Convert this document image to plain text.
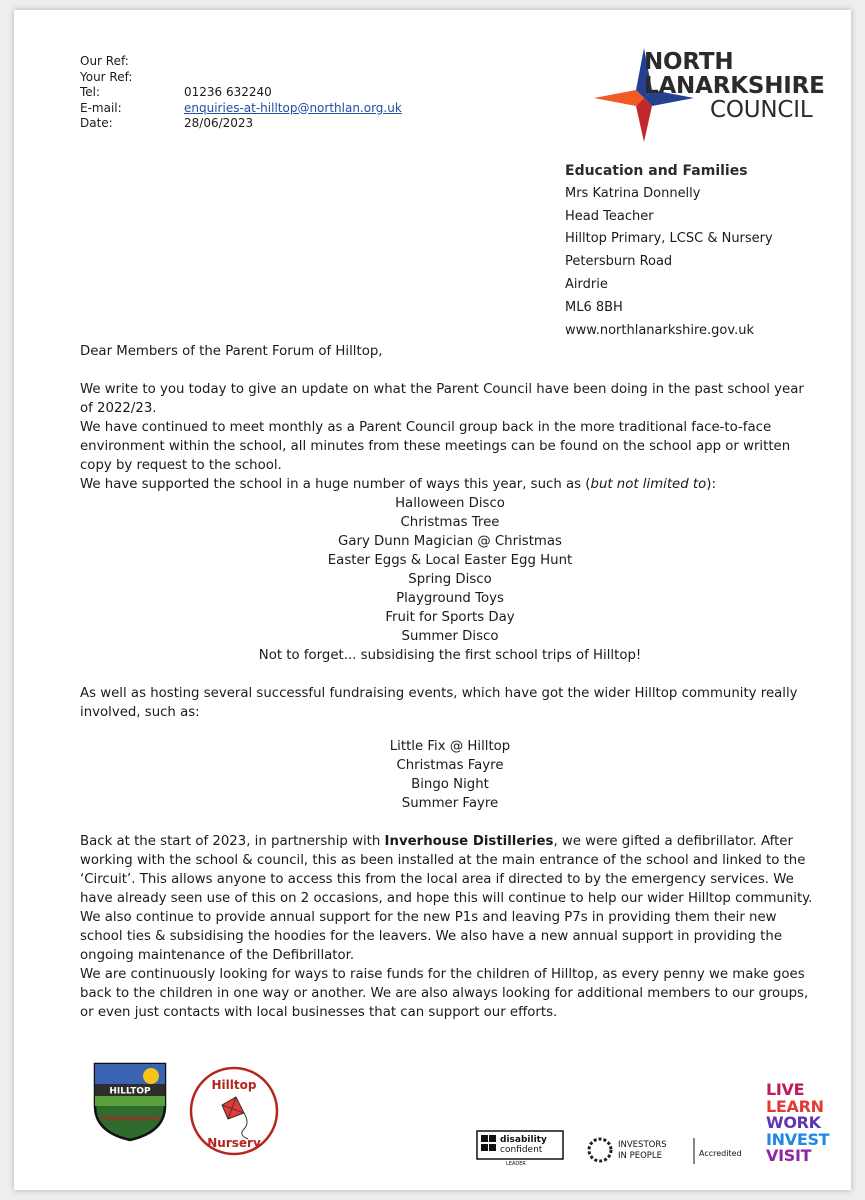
Our Ref:
Your Ref:
Tel:	01236 632240
E-mail:	enquiries-at-hilltop@northlan.org.uk
Date:	28/06/2023
NORTH
LANARKSHIRE
COUNCIL
Education and Families
Mrs Katrina Donnelly
Head Teacher
Hilltop Primary, LCSC & Nursery
Petersburn Road
Airdrie
ML6 8BH
www.northlanarkshire.gov.uk

Dear Members of the Parent Forum of Hilltop,

We write to you today to give an update on what the Parent Council have been doing in the past school year of 2022/23.

We have continued to meet monthly as a Parent Council group back in the more traditional face-to-face environment within the school, all minutes from these meetings can be found on the school app or written copy by request to the school.

We have supported the school in a huge number of ways this year, such as (but not limited to):

Halloween Disco
Christmas Tree
Gary Dunn Magician @ Christmas
Easter Eggs & Local Easter Egg Hunt
Spring Disco
Playground Toys
Fruit for Sports Day
Summer Disco
Not to forget... subsidising the first school trips of Hilltop!

As well as hosting several successful fundraising events, which have got the wider Hilltop community really involved, such as:

Little Fix @ Hilltop
Christmas Fayre
Bingo Night
Summer Fayre

Back at the start of 2023, in partnership with Inverhouse Distilleries, we were gifted a defibrillator. After working with the school & council, this as been installed at the main entrance of the school and linked to the ‘Circuit’. This allows anyone to access this from the local area if directed to by the emergency services. We have already seen use of this on 2 occasions, and hope this will continue to help our wider Hilltop community.

We also continue to provide annual support for the new P1s and leaving P7s in providing them their new school ties & subsidising the hoodies for the leavers. We also have a new annual support in providing the ongoing maintenance of the Defibrillator.

We are continuously looking for ways to raise funds for the children of Hilltop, as every penny we make goes back to the children in one way or another. We are also always looking for additional members to our groups, or even just contacts with local businesses that can support our efforts.

HILLTOP	Hilltop
Nursery	disability
confident
LEADER
INVESTORS
IN PEOPLE	Accredited
LIVE
LEARN
WORK
INVEST
VISIT
